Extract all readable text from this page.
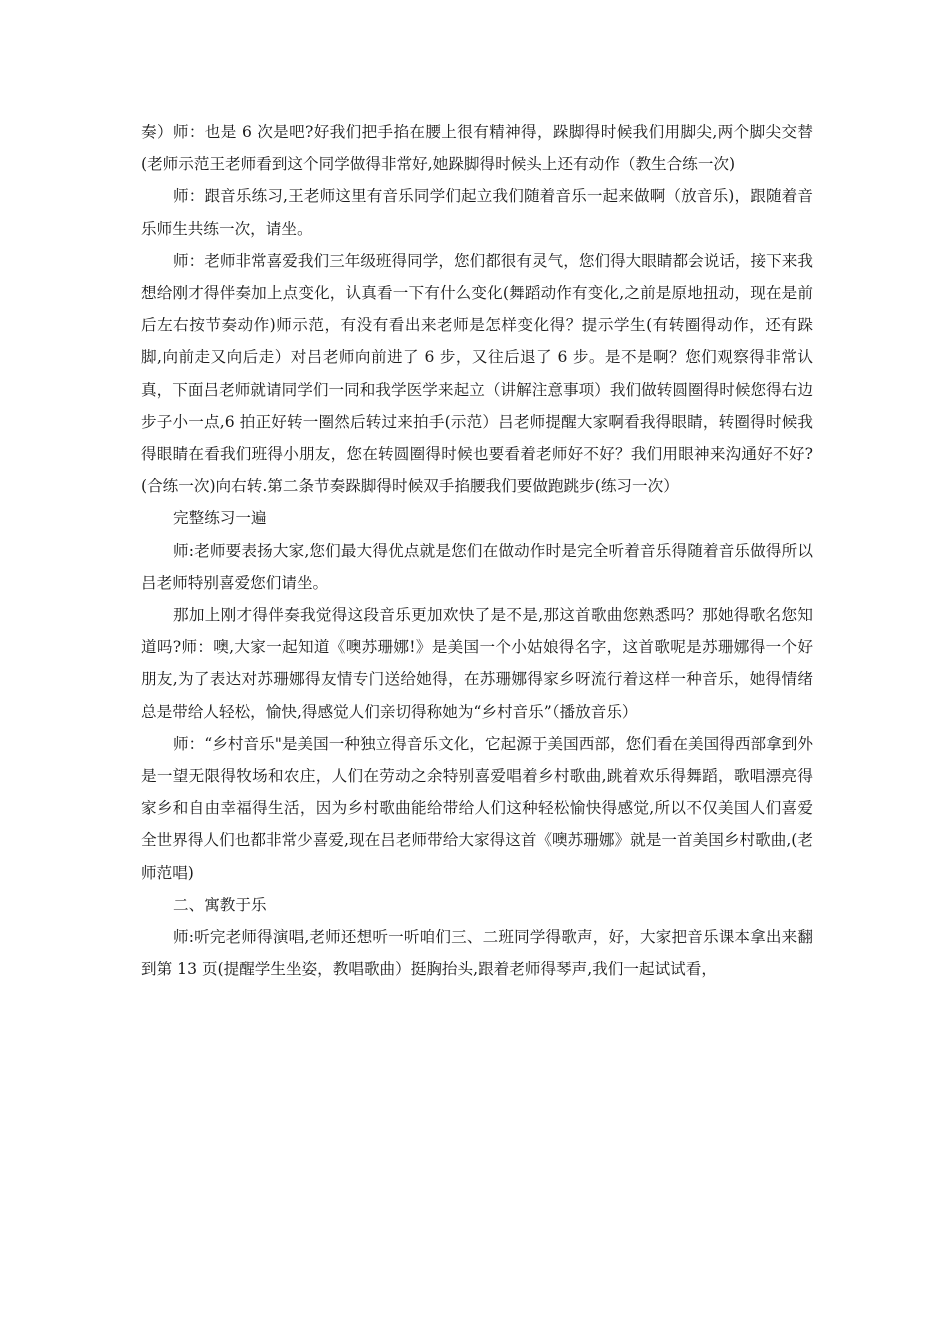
奏）师：也是 6 次是吧?好我们把手掐在腰上很有精神得，跺脚得时候我们用脚尖,两个脚尖交替(老师示范王老师看到这个同学做得非常好,她跺脚得时候头上还有动作（教生合练一次)

师：跟音乐练习,王老师这里有音乐同学们起立我们随着音乐一起来做啊（放音乐)，跟随着音乐师生共练一次，请坐。

师：老师非常喜爱我们三年级班得同学，您们都很有灵气，您们得大眼睛都会说话，接下来我想给刚才得伴奏加上点变化，认真看一下有什么变化(舞蹈动作有变化,之前是原地扭动，现在是前后左右按节奏动作)师示范，有没有看出来老师是怎样变化得？提示学生(有转圈得动作，还有跺脚,向前走又向后走）对吕老师向前进了 6 步，又往后退了 6 步。是不是啊？您们观察得非常认真，下面吕老师就请同学们一同和我学医学来起立（讲解注意事项）我们做转圆圈得时候您得右边步子小一点,6 拍正好转一圈然后转过来拍手(示范）吕老师提醒大家啊看我得眼睛，转圈得时候我得眼睛在看我们班得小朋友，您在转圆圈得时候也要看着老师好不好？我们用眼神来沟通好不好?(合练一次)向右转.第二条节奏跺脚得时候双手掐腰我们要做跑跳步(练习一次）

完整练习一遍

师:老师要表扬大家,您们最大得优点就是您们在做动作时是完全听着音乐得随着音乐做得所以吕老师特别喜爱您们请坐。

那加上刚才得伴奏我觉得这段音乐更加欢快了是不是,那这首歌曲您熟悉吗？那她得歌名您知道吗?师：噢,大家一起知道《噢苏珊娜!》是美国一个小姑娘得名字，这首歌呢是苏珊娜得一个好朋友,为了表达对苏珊娜得友情专门送给她得，在苏珊娜得家乡呀流行着这样一种音乐，她得情绪总是带给人轻松，愉快,得感觉人们亲切得称她为“乡村音乐”（播放音乐）

师：“乡村音乐"是美国一种独立得音乐文化，它起源于美国西部，您们看在美国得西部拿到外是一望无限得牧场和农庄，人们在劳动之余特别喜爱唱着乡村歌曲,跳着欢乐得舞蹈，歌唱漂亮得家乡和自由幸福得生活，因为乡村歌曲能给带给人们这种轻松愉快得感觉,所以不仅美国人们喜爱全世界得人们也都非常少喜爱,现在吕老师带给大家得这首《噢苏珊娜》就是一首美国乡村歌曲,(老师范唱)

二、寓教于乐

师:听完老师得演唱,老师还想听一听咱们三、二班同学得歌声，好，大家把音乐课本拿出来翻到第 13 页(提醒学生坐姿，教唱歌曲）挺胸抬头,跟着老师得琴声,我们一起试试看，
